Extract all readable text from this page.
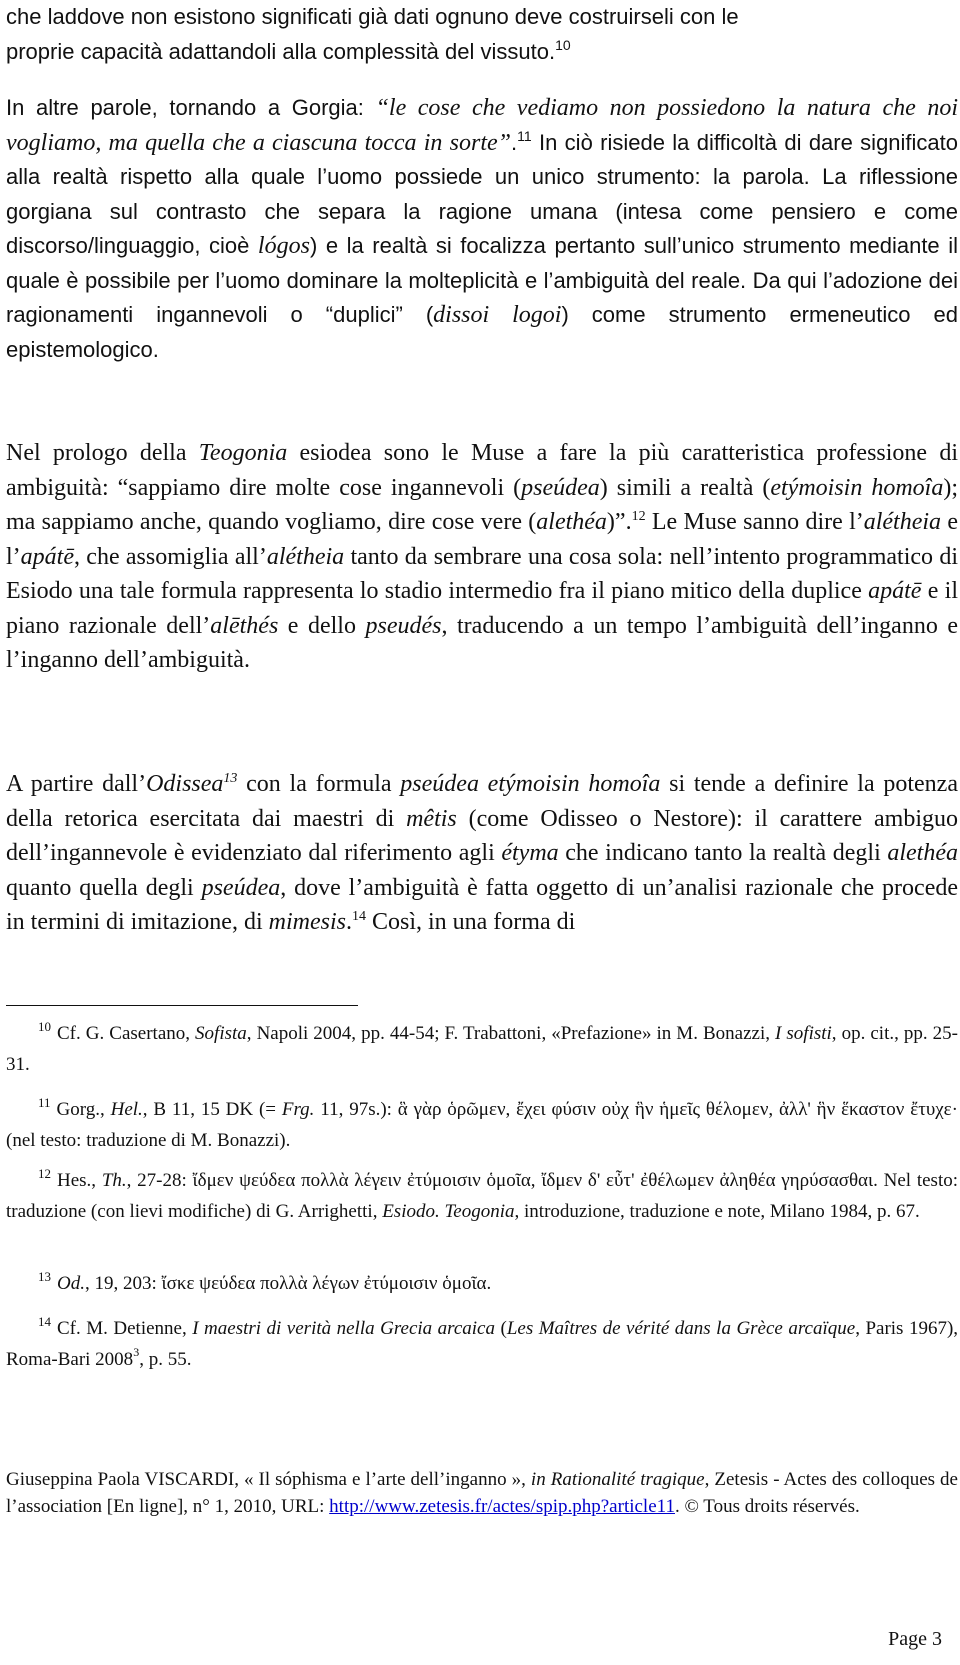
che laddove non esistono significati già dati ognuno deve costruirseli con le
proprie capacità adattandoli alla complessità del vissuto.$^{10}$

In altre parole, tornando a Gorgia: “le cose che vediamo non possiedono la natura che noi vogliamo, ma quella che a ciascuna tocca in sorte”.$^{11}$ In ciò risiede la difficoltà di dare significato alla realtà rispetto alla quale l’uomo possiede un unico strumento: la parola. La riflessione gorgiana sul contrasto che separa la ragione umana (intesa come pensiero e come discorso/linguaggio, cioè lógos) e la realtà si focalizza pertanto sull’unico strumento mediante il quale è possibile per l’uomo dominare la molteplicità e l’ambiguità del reale. Da qui l’adozione dei ragionamenti ingannevoli o “duplici” (dissoi logoi) come strumento ermeneutico ed epistemologico.

Nel prologo della Teogonia esiodea sono le Muse a fare la più caratteristica professione di ambiguità: “sappiamo dire molte cose ingannevoli (pseúdea) simili a realtà (etýmoisin homoîa); ma sappiamo anche, quando vogliamo, dire cose vere (alethéa)”.$^{12}$ Le Muse sanno dire l’alétheia e l’apátē, che assomiglia all’alétheia tanto da sembrare una cosa sola: nell’intento programmatico di Esiodo una tale formula rappresenta lo stadio intermedio fra il piano mitico della duplice apátē e il piano razionale dell’alēthés e dello pseudés, traducendo a un tempo l’ambiguità dell’inganno e l’inganno dell’ambiguità.

A partire dall’Odissea$^{13}$ con la formula pseúdea etýmoisin homoîa si tende a definire la potenza della retorica esercitata dai maestri di mêtis (come Odisseo o Nestore): il carattere ambiguo dell’ingannevole è evidenziato dal riferimento agli étyma che indicano tanto la realtà degli alethéa quanto quella degli pseúdea, dove l’ambiguità è fatta oggetto di un’analisi razionale che procede in termini di imitazione, di mimesis.$^{14}$ Così, in una forma di

$^{10}$ Cf. G. Casertano, Sofista, Napoli 2004, pp. 44-54; F. Trabattoni, «Prefazione» in M. Bonazzi, I sofisti, op. cit., pp. 25-31.

$^{11}$ Gorg., Hel., B 11, 15 DK (= Frg. 11, 97s.): ἃ γὰρ ὁρῶμεν, ἔχει φύσιν οὐχ ἣν ἡμεῖς θέλομεν, ἀλλ' ἣν ἕκαστον ἔτυχε· (nel testo: traduzione di M. Bonazzi).

$^{12}$ Hes., Th., 27-28: ἴδμεν ψεύδεα πολλὰ λέγειν ἐτύμοισιν ὁμοῖα, ἴδμεν δ' εὖτ' ἐθέλωμεν ἀληθέα γηρύσασθαι. Nel testo: traduzione (con lievi modifiche) di G. Arrighetti, Esiodo. Teogonia, introduzione, traduzione e note, Milano 1984, p. 67.

$^{13}$ Od., 19, 203: ἴσκε ψεύδεα πολλὰ λέγων ἐτύμοισιν ὁμοῖα.

$^{14}$ Cf. M. Detienne, I maestri di verità nella Grecia arcaica (Les Maîtres de vérité dans la Grèce arcaïque, Paris 1967), Roma-Bari 2008$^3$, p. 55.

Giuseppina Paola VISCARDI, « Il sóphisma e l’arte dell’inganno », in Rationalité tragique, Zetesis - Actes des colloques de l’association [En ligne], n° 1, 2010, URL: http://www.zetesis.fr/actes/spip.php?article11. © Tous droits réservés.

Page 3
